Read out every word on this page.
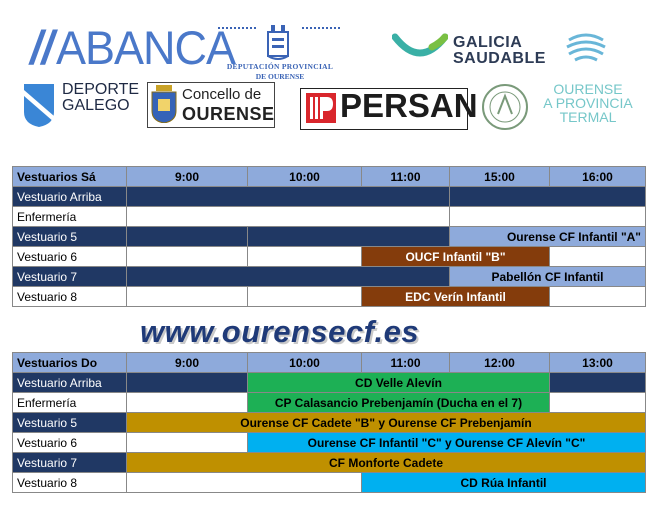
//ABANCA
DEPUTACIÓN PROVINCIAL
DE OURENSE
GALICIA
SAUDABLE
DEPORTE
GALEGO
Concello de
OURENSE PERSAN	OURENSE
A PROVINCIA
TERMAL
Vestuarios Sá	9:00	10:00	11:00	15:00	16:00
Vestuario Arriba					
Enfermería					
Vestuario 5				Ourense CF Infantil "A"	
Vestuario 6			OUCF Infantil "B"		
Vestuario 7				Pabellón CF Infantil	
Vestuario 8			EDC Verín Infantil		
www.ourensecf.es
Vestuarios Do	9:00	10:00	11:00	12:00	13:00
Vestuario Arriba		CD Velle Alevín			
Enfermería		CP Calasancio Prebenjamín (Ducha en el 7)			
Vestuario 5	Ourense CF Cadete "B" y Ourense CF Prebenjamín				
Vestuario 6		Ourense CF Infantil "C" y Ourense CF Alevín "C"			
Vestuario 7	CF Monforte Cadete				
Vestuario 8			CD Rúa Infantil		
